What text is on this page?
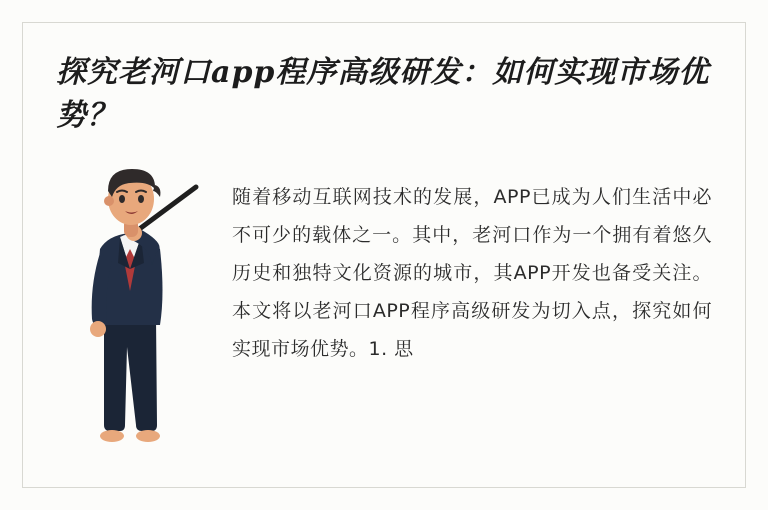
探究老河口app程序高级研发：如何实现市场优势？

随着移动互联网技术的发展，APP已成为人们生活中必不可少的载体之一。其中，老河口作为一个拥有着悠久历史和独特文化资源的城市，其APP开发也备受关注。本文将以老河口APP程序高级研发为切入点，探究如何实现市场优势。1. 思
